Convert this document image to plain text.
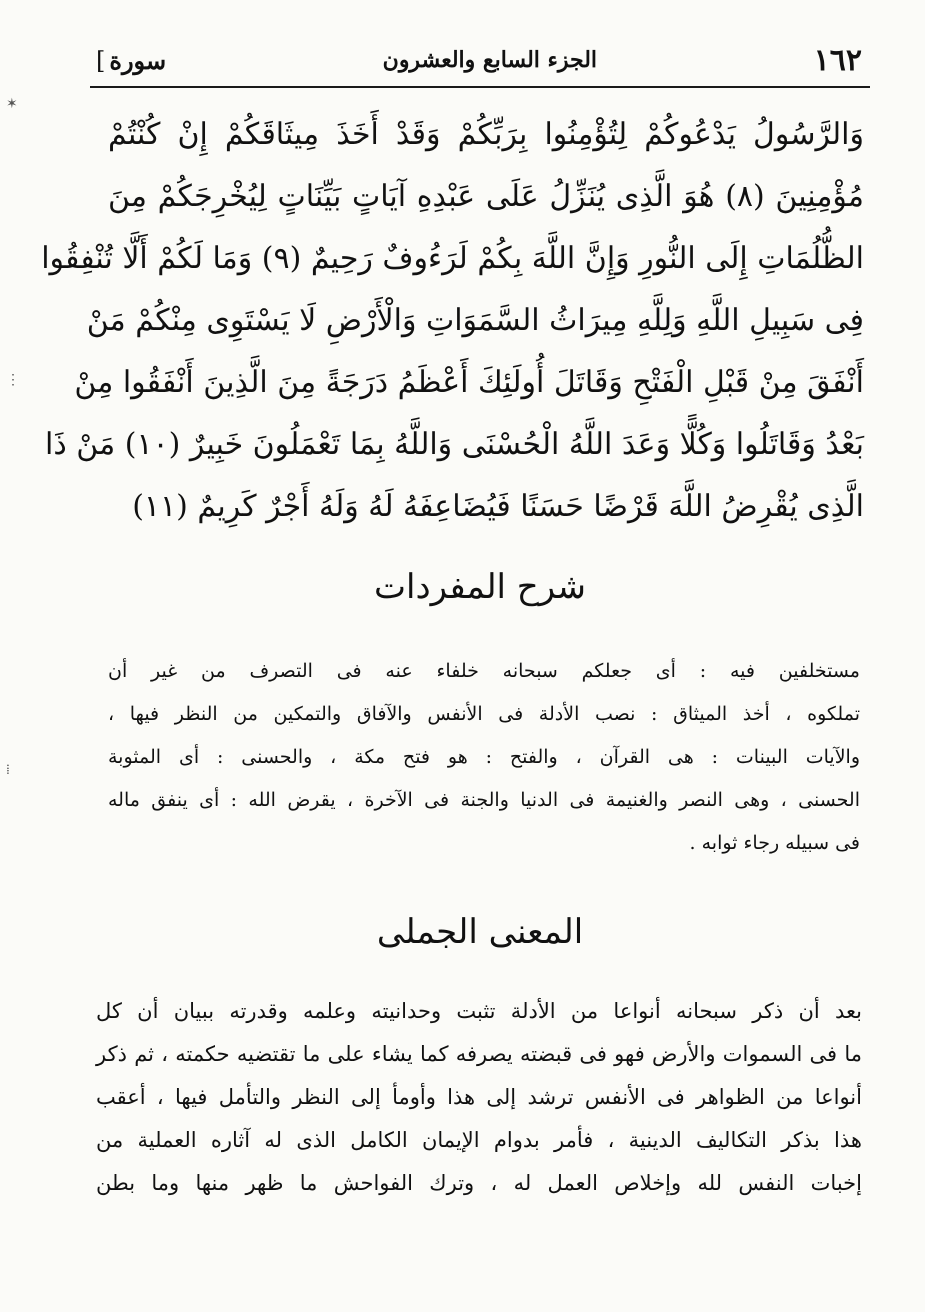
✶
⋮
⁞
١٦٢
الجزء السابع والعشرون
سورة ]
وَالرَّسُولُ يَدْعُوكُمْ لِتُؤْمِنُوا بِرَبِّكُمْ وَقَدْ أَخَذَ مِيثَاقَكُمْ إِنْ كُنْتُمْ
مُؤْمِنِينَ (٨) هُوَ الَّذِى يُنَزِّلُ عَلَى عَبْدِهِ آيَاتٍ بَيِّنَاتٍ لِيُخْرِجَكُمْ مِنَ
الظُّلُمَاتِ إِلَى النُّورِ وَإِنَّ اللَّهَ بِكُمْ لَرَءُوفٌ رَحِيمٌ (٩) وَمَا لَكُمْ أَلَّا تُنْفِقُوا
فِى سَبِيلِ اللَّهِ وَلِلَّهِ مِيرَاثُ السَّمَوَاتِ وَالْأَرْضِ لَا يَسْتَوِى مِنْكُمْ مَنْ
أَنْفَقَ مِنْ قَبْلِ الْفَتْحِ وَقَاتَلَ أُولَئِكَ أَعْظَمُ دَرَجَةً مِنَ الَّذِينَ أَنْفَقُوا مِنْ
بَعْدُ وَقَاتَلُوا وَكُلًّا وَعَدَ اللَّهُ الْحُسْنَى وَاللَّهُ بِمَا تَعْمَلُونَ خَبِيرٌ (١٠) مَنْ ذَا
الَّذِى يُقْرِضُ اللَّهَ قَرْضًا حَسَنًا فَيُضَاعِفَهُ لَهُ وَلَهُ أَجْرٌ كَرِيمٌ (١١)
شرح المفردات
مستخلفين فيه : أى جعلكم سبحانه خلفاء عنه فى التصرف من غير أن
تملكوه ، أخذ الميثاق : نصب الأدلة فى الأنفس والآفاق والتمكين من النظر فيها ،
والآيات البينات : هى القرآن ، والفتح : هو فتح مكة ، والحسنى : أى المثوبة
الحسنى ، وهى النصر والغنيمة فى الدنيا والجنة فى الآخرة ، يقرض الله : أى ينفق ماله
فى سبيله رجاء ثوابه .
المعنى الجملى
بعد أن ذكر سبحانه أنواعا من الأدلة تثبت وحدانيته وعلمه وقدرته ببيان أن كل
ما فى السموات والأرض فهو فى قبضته يصرفه كما يشاء على ما تقتضيه حكمته ، ثم ذكر
أنواعا من الظواهر فى الأنفس ترشد إلى هذا وأومأ إلى النظر والتأمل فيها ، أعقب
هذا بذكر التكاليف الدينية ، فأمر بدوام الإيمان الكامل الذى له آثاره العملية من
إخبات النفس لله وإخلاص العمل له ، وترك الفواحش ما ظهر منها وما بطن
